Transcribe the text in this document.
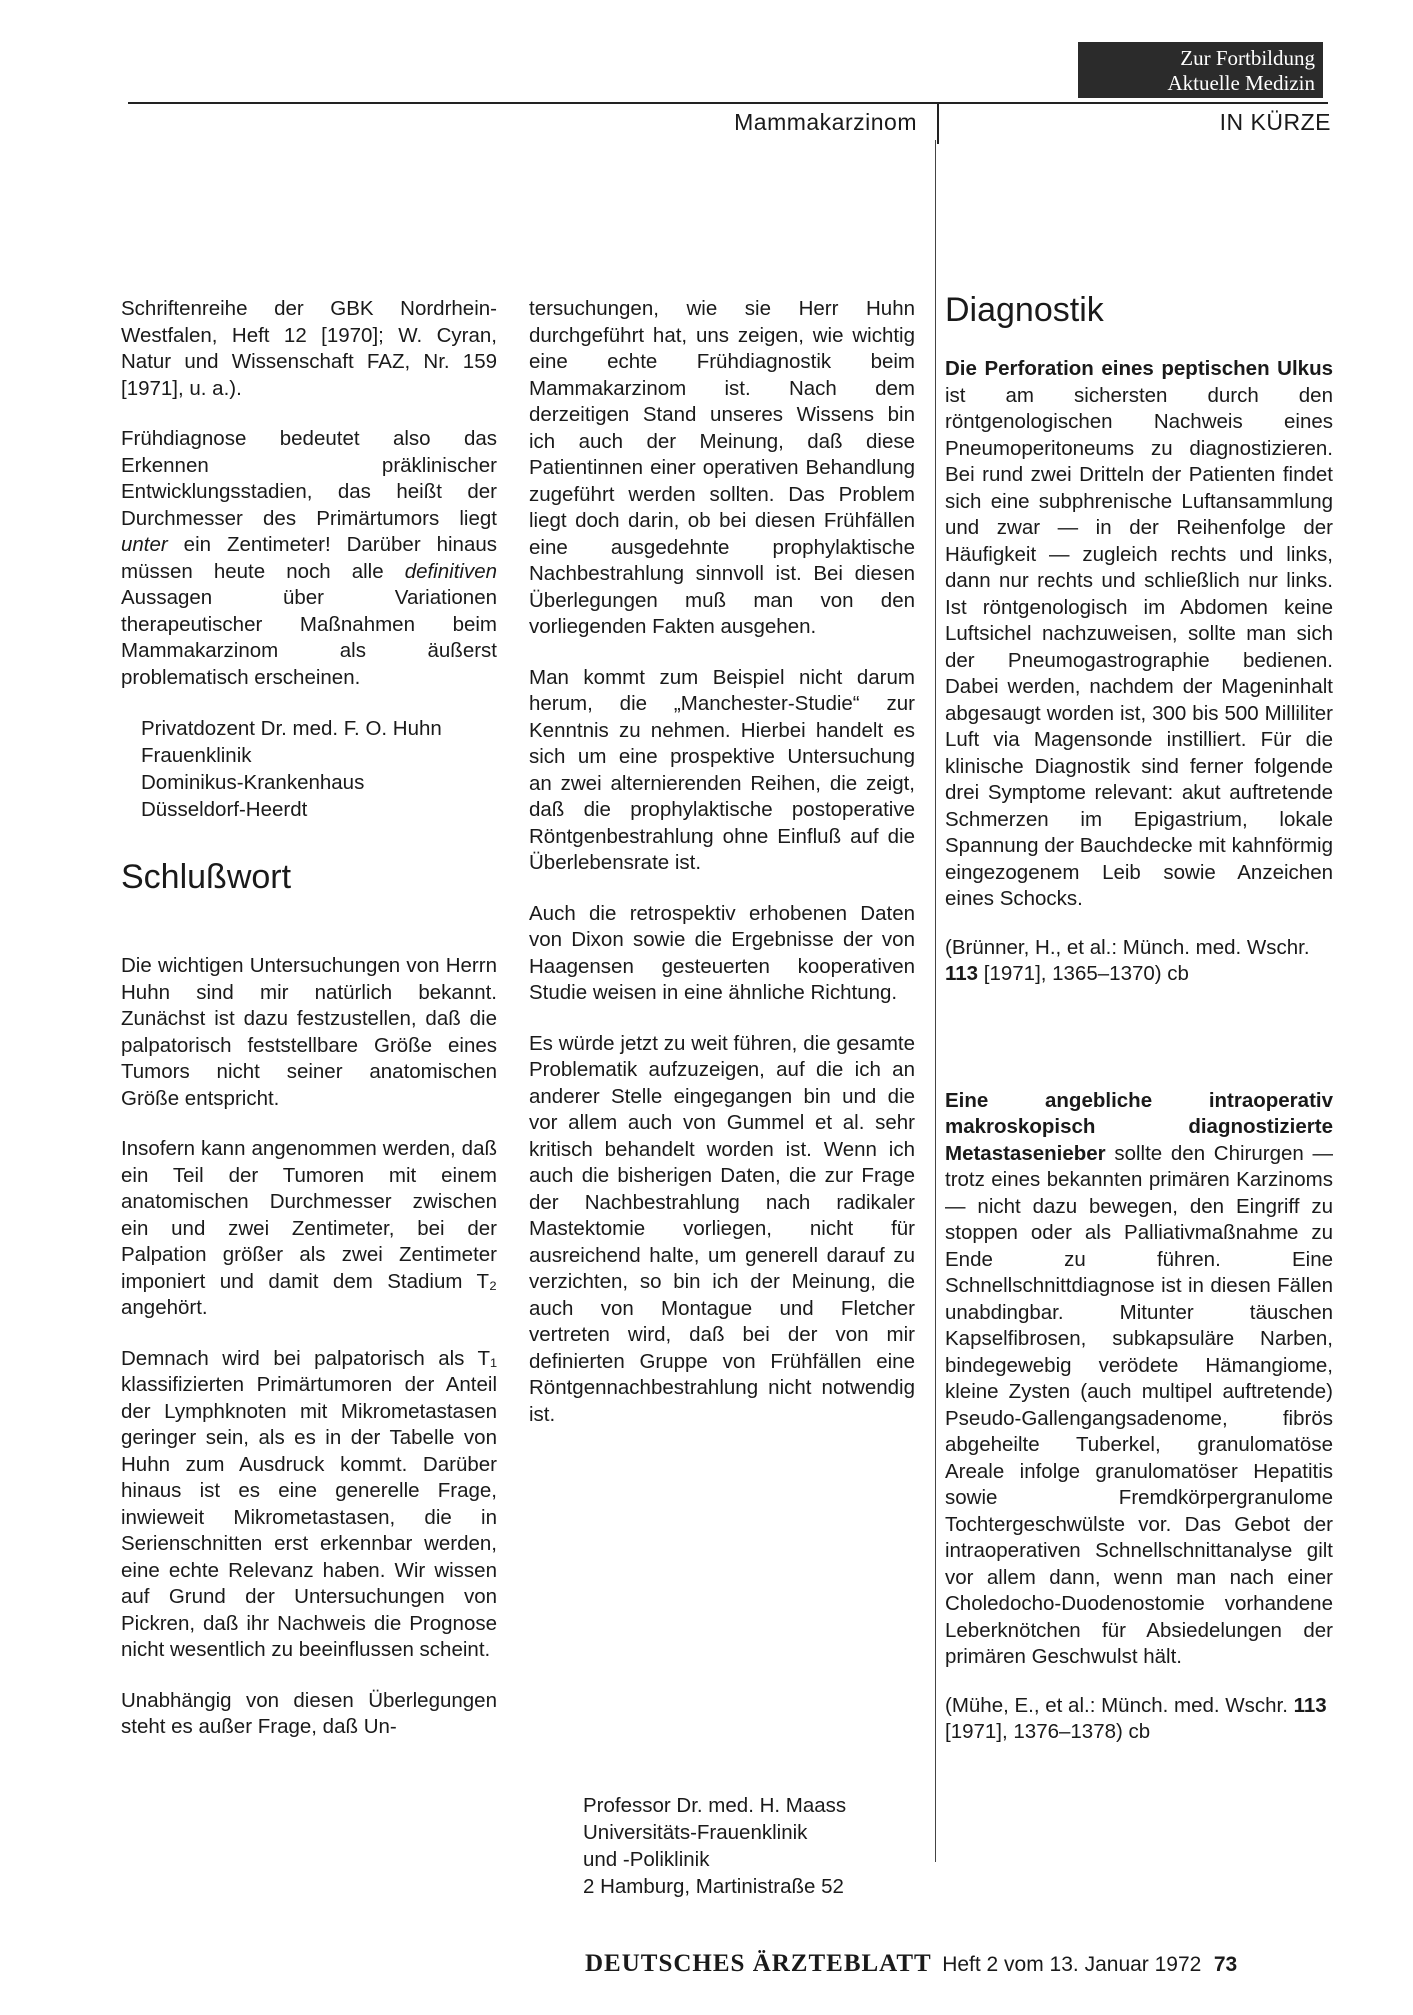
Zur Fortbildung
Aktuelle Medizin
Mammakarzinom	IN KÜRZE

Schriftenreihe der GBK Nordrhein-Westfalen, Heft 12 [1970]; W. Cyran, Natur und Wissenschaft FAZ, Nr. 159 [1971], u. a.).

Frühdiagnose bedeutet also das Erkennen präklinischer Entwicklungsstadien, das heißt der Durchmesser des Primärtumors liegt unter ein Zentimeter! Darüber hinaus müssen heute noch alle definitiven Aussagen über Variationen therapeutischer Maßnahmen beim Mammakarzinom als äußerst problematisch erscheinen.

Privatdozent Dr. med. F. O. Huhn
Frauenklinik
Dominikus-Krankenhaus
Düsseldorf-Heerdt
Schlußwort

Die wichtigen Untersuchungen von Herrn Huhn sind mir natürlich bekannt. Zunächst ist dazu festzustellen, daß die palpatorisch feststellbare Größe eines Tumors nicht seiner anatomischen Größe entspricht.

Insofern kann angenommen werden, daß ein Teil der Tumoren mit einem anatomischen Durchmesser zwischen ein und zwei Zentimeter, bei der Palpation größer als zwei Zentimeter imponiert und damit dem Stadium T₂ angehört.

Demnach wird bei palpatorisch als T₁ klassifizierten Primärtumoren der Anteil der Lymphknoten mit Mikrometastasen geringer sein, als es in der Tabelle von Huhn zum Ausdruck kommt. Darüber hinaus ist es eine generelle Frage, inwieweit Mikrometastasen, die in Serienschnitten erst erkennbar werden, eine echte Relevanz haben. Wir wissen auf Grund der Untersuchungen von Pickren, daß ihr Nachweis die Prognose nicht wesentlich zu beeinflussen scheint.

Unabhängig von diesen Überlegungen steht es außer Frage, daß Un-

tersuchungen, wie sie Herr Huhn durchgeführt hat, uns zeigen, wie wichtig eine echte Frühdiagnostik beim Mammakarzinom ist. Nach dem derzeitigen Stand unseres Wissens bin ich auch der Meinung, daß diese Patientinnen einer operativen Behandlung zugeführt werden sollten. Das Problem liegt doch darin, ob bei diesen Frühfällen eine ausgedehnte prophylaktische Nachbestrahlung sinnvoll ist. Bei diesen Überlegungen muß man von den vorliegenden Fakten ausgehen.

Man kommt zum Beispiel nicht darum herum, die „Manchester-Studie“ zur Kenntnis zu nehmen. Hierbei handelt es sich um eine prospektive Untersuchung an zwei alternierenden Reihen, die zeigt, daß die prophylaktische postoperative Röntgenbestrahlung ohne Einfluß auf die Überlebensrate ist.

Auch die retrospektiv erhobenen Daten von Dixon sowie die Ergebnisse der von Haagensen gesteuerten kooperativen Studie weisen in eine ähnliche Richtung.

Es würde jetzt zu weit führen, die gesamte Problematik aufzuzeigen, auf die ich an anderer Stelle eingegangen bin und die vor allem auch von Gummel et al. sehr kritisch behandelt worden ist. Wenn ich auch die bisherigen Daten, die zur Frage der Nachbestrahlung nach radikaler Mastektomie vorliegen, nicht für ausreichend halte, um generell darauf zu verzichten, so bin ich der Meinung, die auch von Montague und Fletcher vertreten wird, daß bei der von mir definierten Gruppe von Frühfällen eine Röntgennachbestrahlung nicht notwendig ist.

Professor Dr. med. H. Maass
Universitäts-Frauenklinik
und -Poliklinik
2 Hamburg, Martinistraße 52
Diagnostik

Die Perforation eines peptischen Ulkus ist am sichersten durch den röntgenologischen Nachweis eines Pneumoperitoneums zu diagnostizieren. Bei rund zwei Dritteln der Patienten findet sich eine subphrenische Luftansammlung und zwar — in der Reihenfolge der Häufigkeit — zugleich rechts und links, dann nur rechts und schließlich nur links. Ist röntgenologisch im Abdomen keine Luftsichel nachzuweisen, sollte man sich der Pneumogastrographie bedienen. Dabei werden, nachdem der Mageninhalt abgesaugt worden ist, 300 bis 500 Milliliter Luft via Magensonde instilliert. Für die klinische Diagnostik sind ferner folgende drei Symptome relevant: akut auftretende Schmerzen im Epigastrium, lokale Spannung der Bauchdecke mit kahnförmig eingezogenem Leib sowie Anzeichen eines Schocks.

(Brünner, H., et al.: Münch. med. Wschr. 113 [1971], 1365–1370) cb

Eine angebliche intraoperativ makroskopisch diagnostizierte Metastasenieber sollte den Chirurgen — trotz eines bekannten primären Karzinoms — nicht dazu bewegen, den Eingriff zu stoppen oder als Palliativmaßnahme zu Ende zu führen. Eine Schnellschnittdiagnose ist in diesen Fällen unabdingbar. Mitunter täuschen Kapselfibrosen, subkapsuläre Narben, bindegewebig verödete Hämangiome, kleine Zysten (auch multipel auftretende) Pseudo-Gallengangsadenome, fibrös abgeheilte Tuberkel, granulomatöse Areale infolge granulomatöser Hepatitis sowie Fremdkörpergranulome Tochtergeschwülste vor. Das Gebot der intraoperativen Schnellschnittanalyse gilt vor allem dann, wenn man nach einer Choledocho-Duodenostomie vorhandene Leberknötchen für Absiedelungen der primären Geschwulst hält.

(Mühe, E., et al.: Münch. med. Wschr. 113 [1971], 1376–1378) cb

DEUTSCHES ÄRZTEBLATT Heft 2 vom 13. Januar 1972 73
